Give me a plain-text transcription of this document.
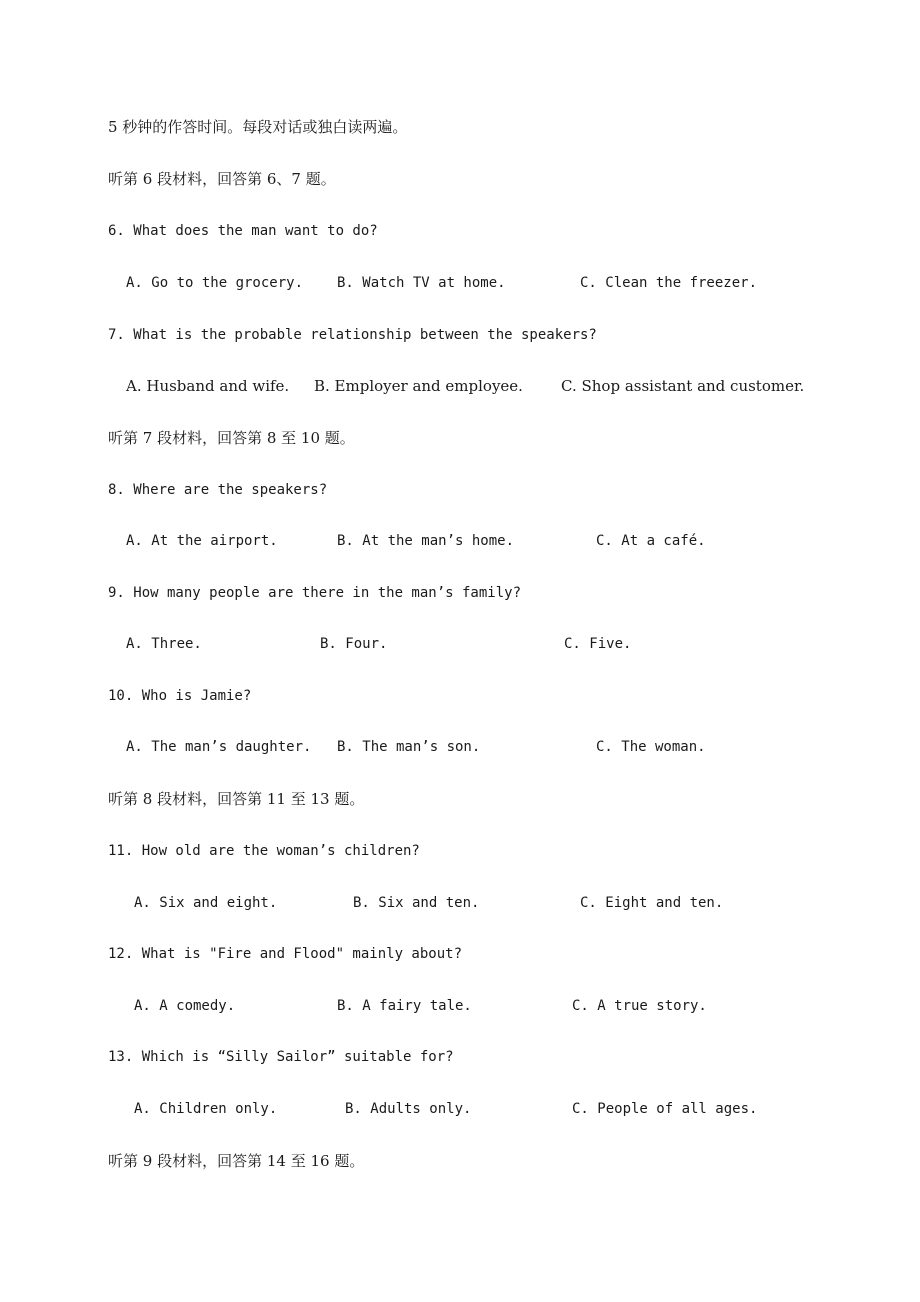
5 秒钟的作答时间。每段对话或独白读两遍。
听第 6 段材料，回答第 6、7 题。
6. What does the man want to do?
A. Go to the grocery. B. Watch TV at home.	C. Clean the freezer.
7. What is the probable relationship between the speakers?
A. Husband and wife. B. Employer and employee.	C. Shop assistant and customer.
听第 7 段材料，回答第 8 至 10 题。
8. Where are the speakers?
A. At the airport.	B. At the man’s home.	C. At a café.
9. How many people are there in the man’s family?
A. Three.	B. Four.	C. Five.
10. Who is Jamie?
A. The man’s daughter. B. The man’s son.	C. The woman.
听第 8 段材料，回答第 11 至 13 题。
11. How old are the woman’s children?
A. Six and eight.	B. Six and ten.	C. Eight and ten.
12. What is "Fire and Flood" mainly about?
A. A comedy.	B. A fairy tale.	C. A true story.
13. Which is “Silly Sailor” suitable for?
A. Children only.	B. Adults only.	C. People of all ages.
听第 9 段材料，回答第 14 至 16 题。
